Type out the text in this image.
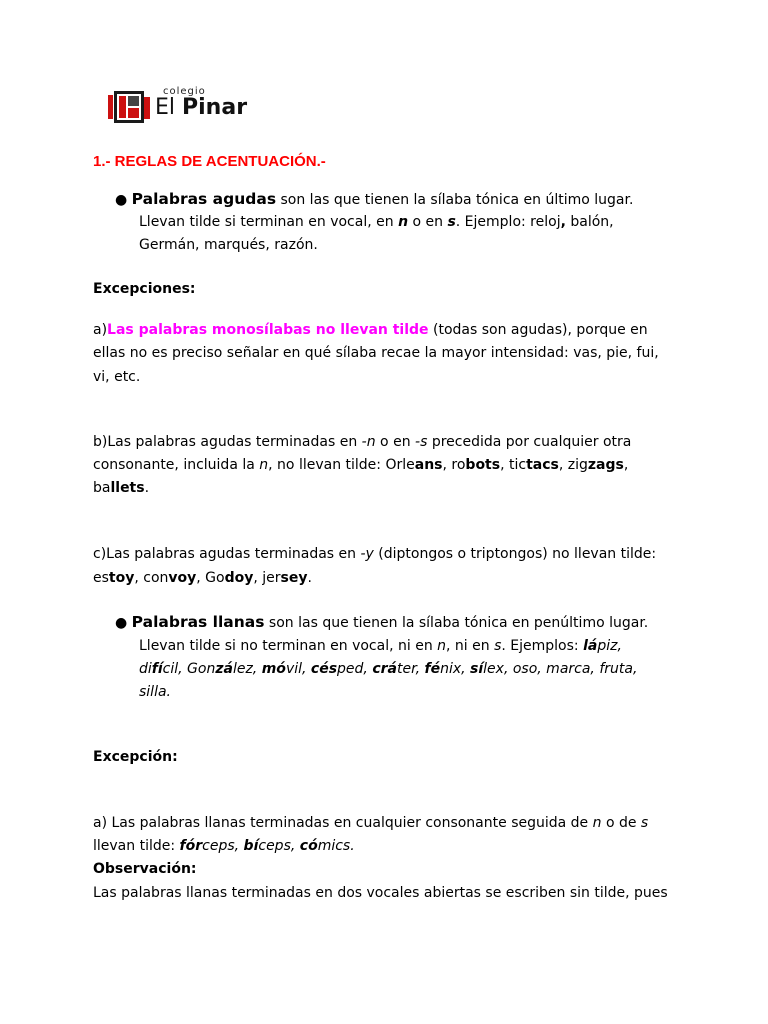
colegio
El Pinar
1.- REGLAS DE ACENTUACIÓN.-
● Palabras agudas son las que tienen la sílaba tónica en último lugar.
Llevan tilde si terminan en vocal, en n o en s. Ejemplo: reloj, balón,
Germán, marqués, razón.
Excepciones:
a)Las palabras monosílabas no llevan tilde (todas son agudas), porque en
ellas no es preciso señalar en qué sílaba recae la mayor intensidad: vas, pie, fui,
vi, etc.
b)Las palabras agudas terminadas en -n o en -s precedida por cualquier otra
consonante, incluida la n, no llevan tilde: Orleans, robots, tictacs, zigzags,
ballets.
c)Las palabras agudas terminadas en -y (diptongos o triptongos) no llevan tilde:
estoy, convoy, Godoy, jersey.
● Palabras llanas son las que tienen la sílaba tónica en penúltimo lugar.
Llevan tilde si no terminan en vocal, ni en n, ni en s. Ejemplos: lápiz,
difícil, González, móvil, césped, cráter, fénix, sílex, oso, marca, fruta,
silla.
Excepción:
a) Las palabras llanas terminadas en cualquier consonante seguida de n o de s
llevan tilde: fórceps, bíceps, cómics.
Observación:
Las palabras llanas terminadas en dos vocales abiertas se escriben sin tilde, pues
